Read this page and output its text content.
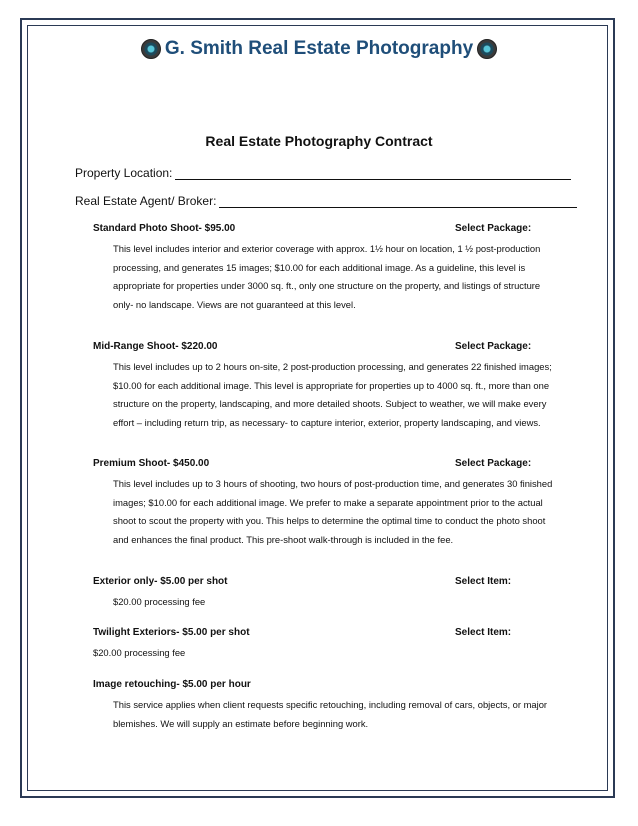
G. Smith Real Estate Photography
Real Estate Photography Contract
Property Location:
Real Estate Agent/ Broker:
Standard Photo Shoot- $95.00	Select Package:
This level includes interior and exterior coverage with approx. 1½ hour on location, 1 ½ post-production processing, and generates 15 images; $10.00 for each additional image. As a guideline, this level is appropriate for properties under 3000 sq. ft., only one structure on the property, and listings of structure only- no landscape. Views are not guaranteed at this level.
Mid-Range Shoot- $220.00	Select Package:
This level includes up to 2 hours on-site, 2 post-production processing, and generates 22 finished images; $10.00 for each additional image. This level is appropriate for properties up to 4000 sq. ft., more than one structure on the property, landscaping, and more detailed shoots. Subject to weather, we will make every effort – including return trip, as necessary- to capture interior, exterior, property landscaping, and views.
Premium Shoot- $450.00	Select Package:
This level includes up to 3 hours of shooting, two hours of post-production time, and generates 30 finished images; $10.00 for each additional image. We prefer to make a separate appointment prior to the actual shoot to scout the property with you. This helps to determine the optimal time to conduct the photo shoot and enhances the final product. This pre-shoot walk-through is included in the fee.
Exterior only- $5.00 per shot	Select Item:
$20.00 processing fee
Twilight Exteriors- $5.00 per shot	Select Item:
$20.00 processing fee
Image retouching- $5.00 per hour
This service applies when client requests specific retouching, including removal of cars, objects, or major blemishes. We will supply an estimate before beginning work.
